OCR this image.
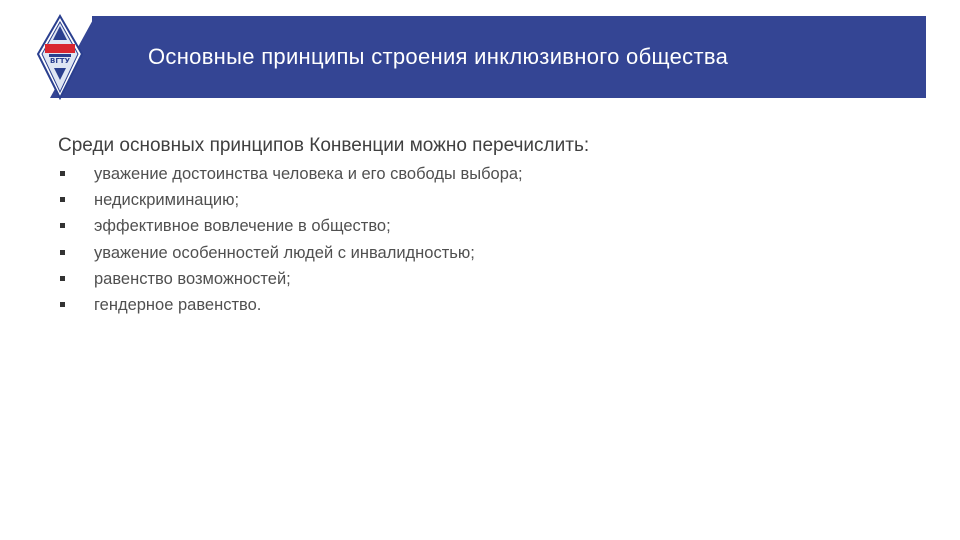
Основные принципы строения инклюзивного общества
ВГТУ
Среди основных принципов Конвенции можно перечислить:
уважение достоинства человека и его свободы выбора;
недискриминацию;
эффективное вовлечение в общество;
уважение особенностей людей с инвалидностью;
равенство возможностей;
гендерное равенство.
